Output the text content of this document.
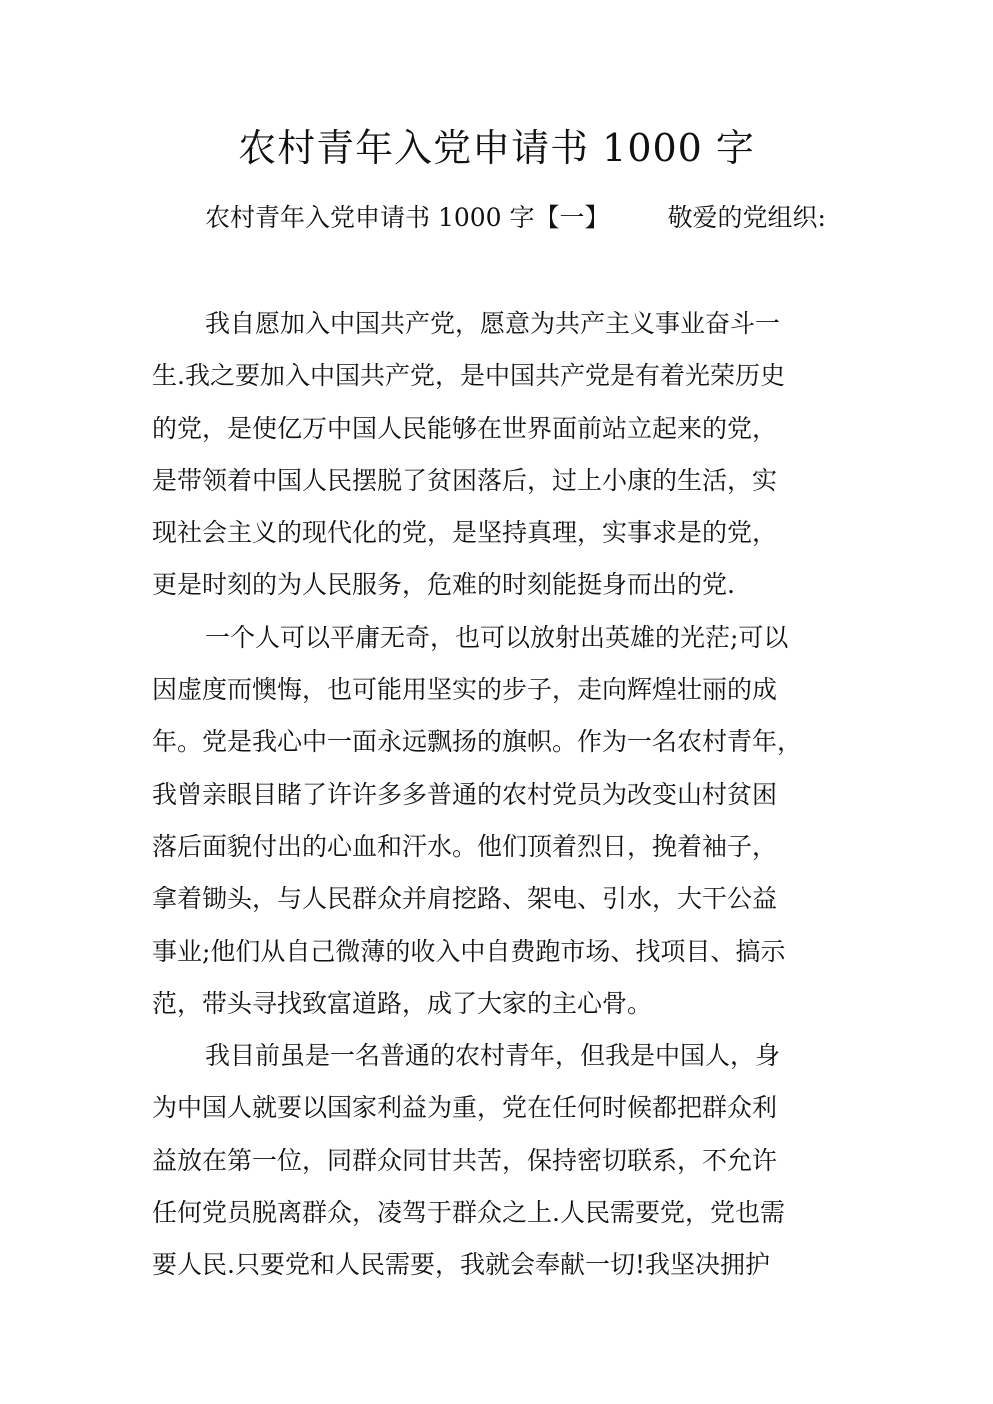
农村青年入党申请书 1000 字
农村青年入党申请书 1000 字【一】 敬爱的党组织:
我自愿加入中国共产党，愿意为共产主义事业奋斗一
生.我之要加入中国共产党，是中国共产党是有着光荣历史
的党，是使亿万中国人民能够在世界面前站立起来的党，
是带领着中国人民摆脱了贫困落后，过上小康的生活，实
现社会主义的现代化的党，是坚持真理，实事求是的党，
更是时刻的为人民服务，危难的时刻能挺身而出的党.
一个人可以平庸无奇，也可以放射出英雄的光茫;可以
因虚度而懊悔，也可能用坚实的步子，走向辉煌壮丽的成
年。党是我心中一面永远飘扬的旗帜。作为一名农村青年，
我曾亲眼目睹了许许多多普通的农村党员为改变山村贫困
落后面貌付出的心血和汗水。他们顶着烈日，挽着袖子，
拿着锄头，与人民群众并肩挖路、架电、引水，大干公益
事业;他们从自己微薄的收入中自费跑市场、找项目、搞示
范，带头寻找致富道路，成了大家的主心骨。
我目前虽是一名普通的农村青年，但我是中国人，身
为中国人就要以国家利益为重，党在任何时候都把群众利
益放在第一位，同群众同甘共苦，保持密切联系，不允许
任何党员脱离群众，凌驾于群众之上.人民需要党，党也需
要人民.只要党和人民需要，我就会奉献一切!我坚决拥护
